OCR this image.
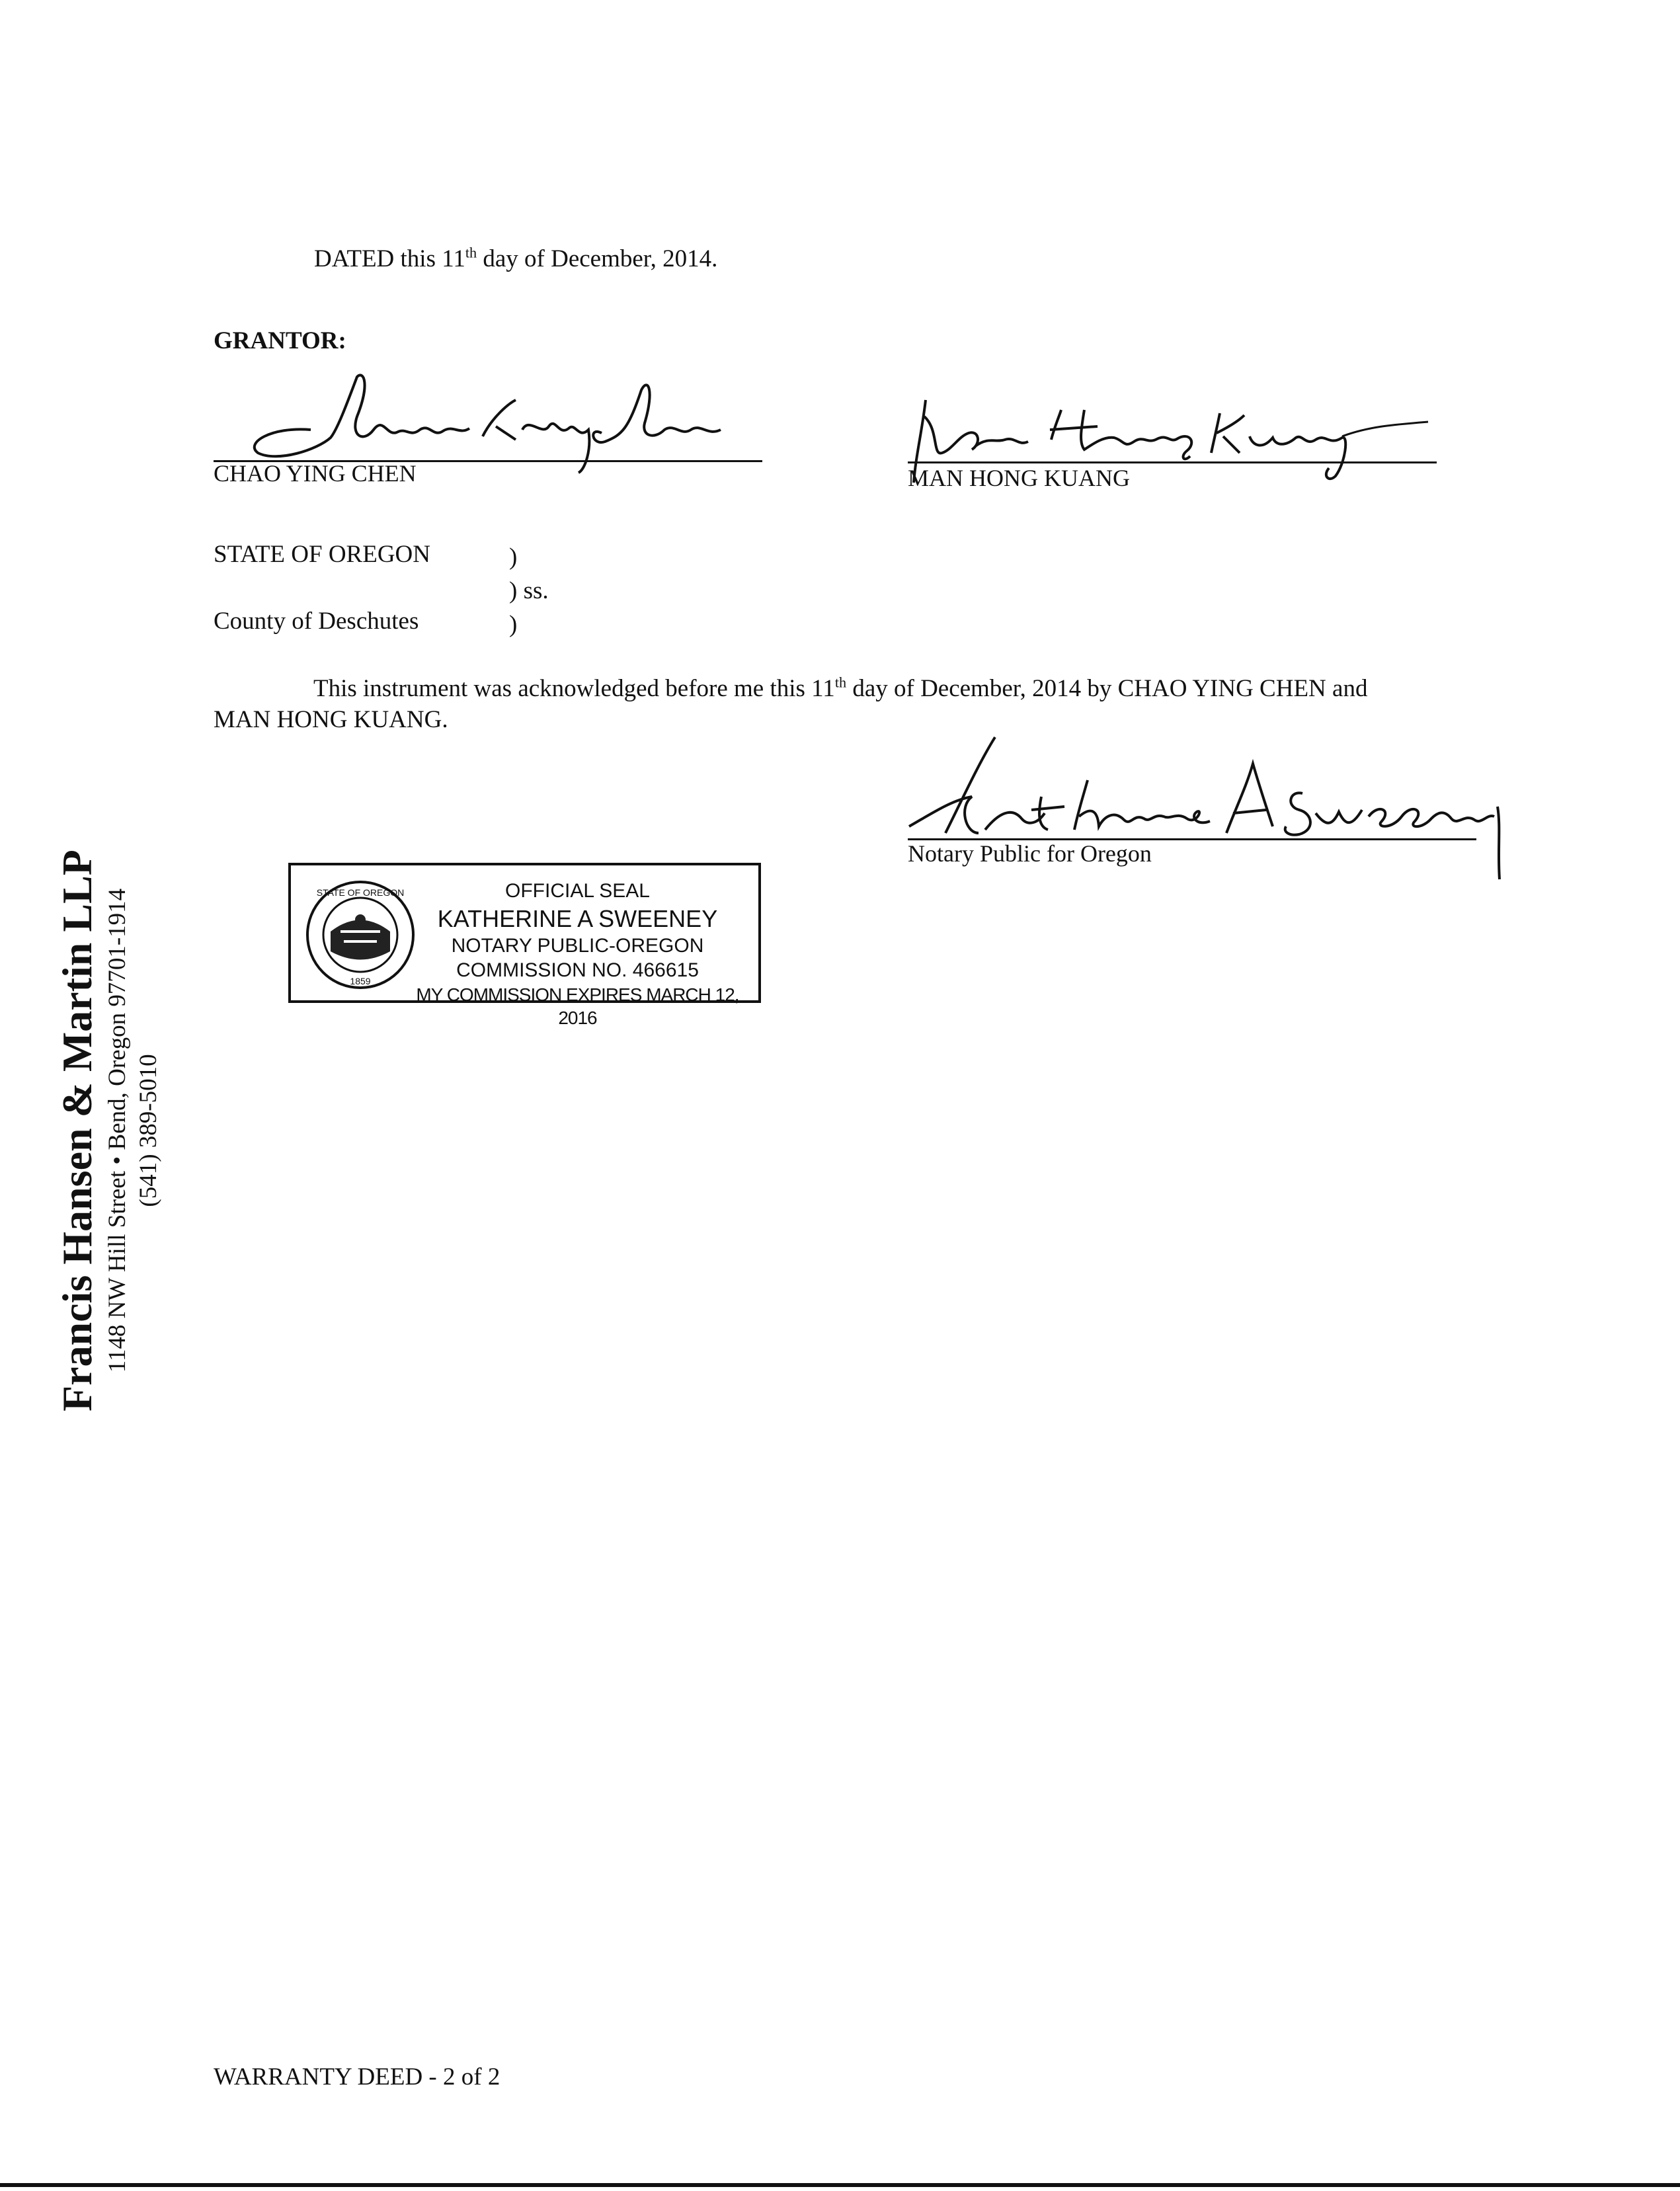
Francis Hansen & Martin LLP 1148 NW Hill Street • Bend, Oregon 97701-1914 (541) 389-5010
DATED this 11th day of December, 2014.
GRANTOR:
CHAO YING CHEN	MAN HONG KUANG
STATE OF OREGON	)
) ss.
County of Deschutes	)
This instrument was acknowledged before me this 11th day of December, 2014 by CHAO YING CHEN and
MAN HONG KUANG.
Notary Public for Oregon
STATE OF OREGON
1859
OFFICIAL SEAL
KATHERINE A SWEENEY
NOTARY PUBLIC-OREGON
COMMISSION NO. 466615
MY COMMISSION EXPIRES MARCH 12, 2016
WARRANTY DEED - 2 of 2
